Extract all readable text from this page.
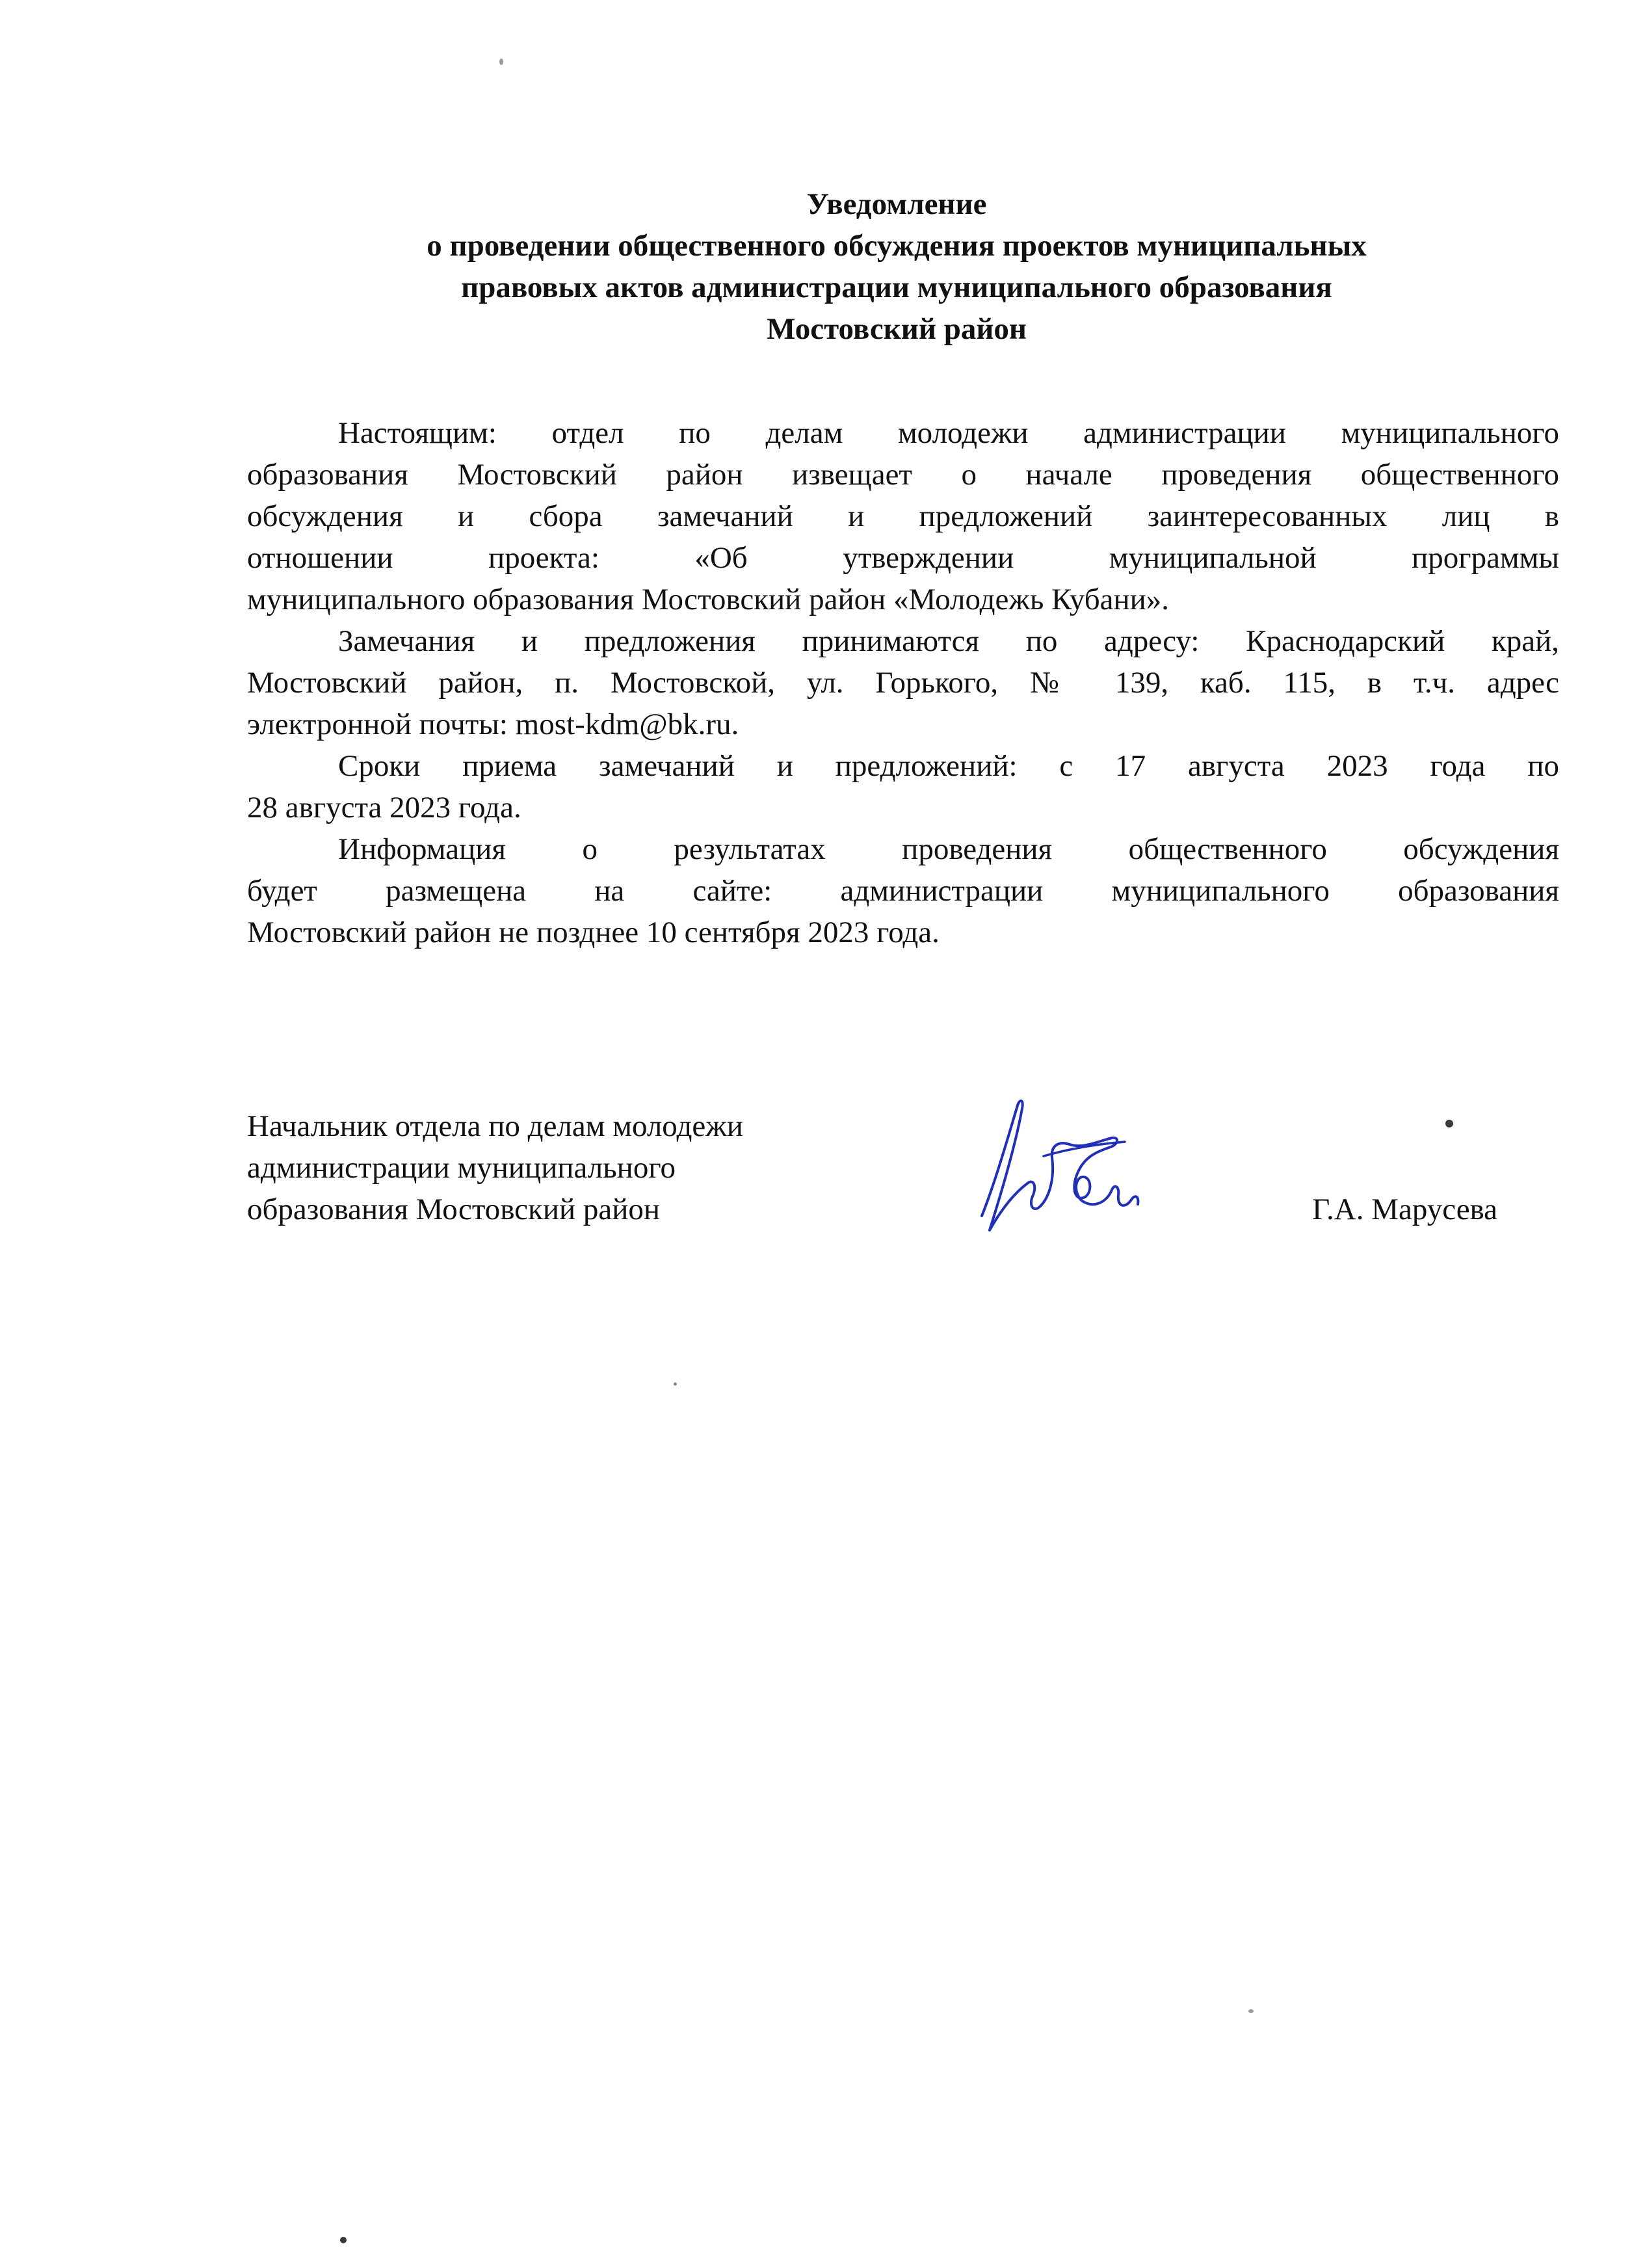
Уведомление
о проведении общественного обсуждения проектов муниципальных
правовых актов администрации муниципального образования
Мостовский район

Настоящим: отдел по делам молодежи администрации муниципального
образования Мостовский район извещает о начале проведения общественного
обсуждения и сбора замечаний и предложений заинтересованных лиц в
отношении проекта: «Об утверждении муниципальной программы
муниципального образования Мостовский район «Молодежь Кубани».

Замечания и предложения принимаются по адресу: Краснодарский край,
Мостовский район, п. Мостовской, ул. Горького, № 139, каб. 115, в т.ч. адрес
электронной почты: most-kdm@bk.ru.

Сроки приема замечаний и предложений: с 17 августа 2023 года по
28 августа 2023 года.

Информация о результатах проведения общественного обсуждения
будет размещена на сайте: администрации муниципального образования
Мостовский район не позднее 10 сентября 2023 года.

Начальник отдела по делам молодежи
администрации муниципального
образования Мостовский район	Г.А. Марусева
